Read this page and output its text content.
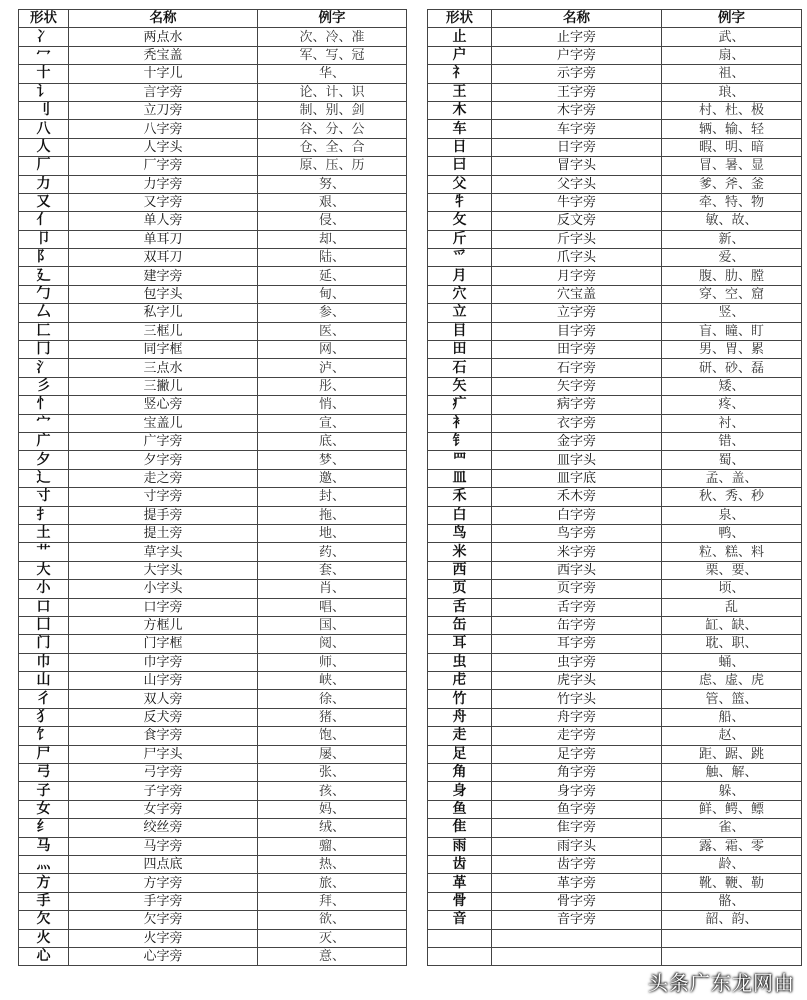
形状	名称	例字
冫	两点水	次、冷、准
冖	秃宝盖	军、写、冠
十	十字儿	华、
讠	言字旁	论、计、识
刂	立刀旁	制、别、剑
八	八字旁	谷、分、公
人	人字头	仓、全、合
厂	厂字旁	原、压、历
力	力字旁	努、
又	又字旁	艰、
亻	单人旁	侵、
卩	单耳刀	却、
阝	双耳刀	陆、
廴	建字旁	延、
勹	包字头	甸、
厶	私字儿	参、
匚	三框儿	医、
冂	同字框	网、
氵	三点水	泸、
彡	三撇儿	彤、
忄	竖心旁	悄、
宀	宝盖儿	宣、
广	广字旁	底、
夕	夕字旁	梦、
辶	走之旁	邀、
寸	寸字旁	封、
扌	提手旁	拖、
土	提土旁	地、
艹	草字头	药、
大	大字头	套、
小	小字头	肖、
口	口字旁	唱、
囗	方框儿	国、
门	门字框	阅、
巾	巾字旁	师、
山	山字旁	峡、
彳	双人旁	徐、
犭	反犬旁	猪、
饣	食字旁	饱、
尸	尸字头	屡、
弓	弓字旁	张、
子	子字旁	孩、
女	女字旁	妈、
纟	绞丝旁	绒、
马	马字旁	骝、
灬	四点底	热、
方	方字旁	旅、
手	手字旁	拜、
欠	欠字旁	欲、
火	火字旁	灭、
心	心字旁	意、
形状	名称	例字
止	止字旁	武、
户	户字旁	扇、
礻	示字旁	祖、
王	王字旁	琅、
木	木字旁	村、杜、极
车	车字旁	辆、输、轻
日	日字旁	暇、明、暗
曰	冒字头	冒、暑、显
父	父字头	爹、斧、釜
牜	牛字旁	牵、特、物
攵	反文旁	敏、故、
斤	斤字头	新、
爫	爪字头	爱、
月	月字旁	腹、肋、膛
穴	穴宝盖	穿、空、窟
立	立字旁	竖、
目	目字旁	盲、瞳、盯
田	田字旁	男、胃、累
石	石字旁	研、砂、磊
矢	矢字旁	矮、
疒	病字旁	疼、
衤	衣字旁	衬、
钅	金字旁	错、
罒	皿字头	蜀、
皿	皿字底	孟、盖、
禾	禾木旁	秋、秀、秒
白	白字旁	泉、
鸟	鸟字旁	鸭、
米	米字旁	粒、糕、料
西	西字头	栗、要、
页	页字旁	顷、
舌	舌字旁	乱
缶	缶字旁	缸、缺、
耳	耳字旁	耽、职、
虫	虫字旁	蛹、
虍	虎字头	虑、虚、虎
竹	竹字头	管、篮、
舟	舟字旁	船、
走	走字旁	赵、
足	足字旁	距、踞、跳
角	角字旁	触、解、
身	身字旁	躲、
鱼	鱼字旁	鲜、鳄、鳔
隹	隹字旁	雀、
雨	雨字头	露、霜、零
齿	齿字旁	龄、
革	革字旁	靴、鞭、勒
骨	骨字旁	骼、
音	音字旁	韶、韵、

头条广东龙网由
